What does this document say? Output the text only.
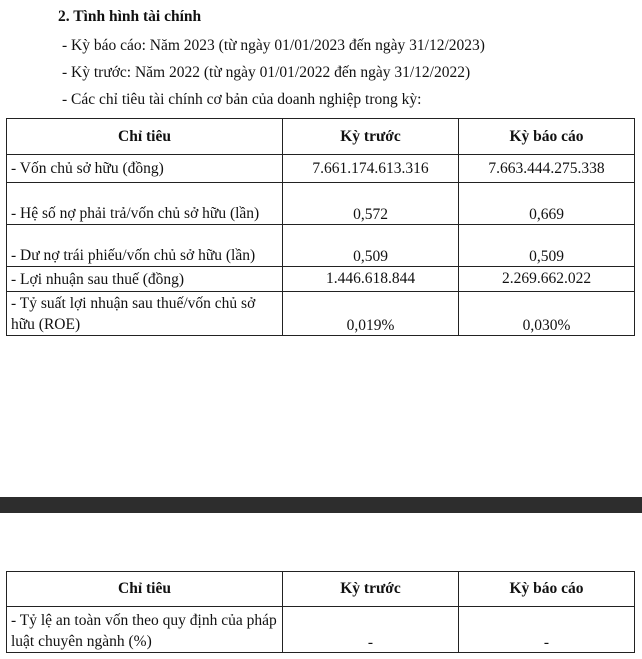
2. Tình hình tài chính
- Kỳ báo cáo: Năm 2023 (từ ngày 01/01/2023 đến ngày 31/12/2023)
- Kỳ trước: Năm 2022 (từ ngày 01/01/2022 đến ngày 31/12/2022)
- Các chỉ tiêu tài chính cơ bản của doanh nghiệp trong kỳ:
Chỉ tiêu	Kỳ trước	Kỳ báo cáo
- Vốn chủ sở hữu (đồng)	7.661.174.613.316	7.663.444.275.338
- Hệ số nợ phải trả/vốn chủ sở hữu (lần)	0,572	0,669
- Dư nợ trái phiếu/vốn chủ sở hữu (lần)	0,509	0,509
- Lợi nhuận sau thuế (đồng)	1.446.618.844	2.269.662.022
- Tỷ suất lợi nhuận sau thuế/vốn chủ sở hữu (ROE)	0,019%	0,030%
Chỉ tiêu	Kỳ trước	Kỳ báo cáo
- Tỷ lệ an toàn vốn theo quy định của pháp luật chuyên ngành (%)	-	-
